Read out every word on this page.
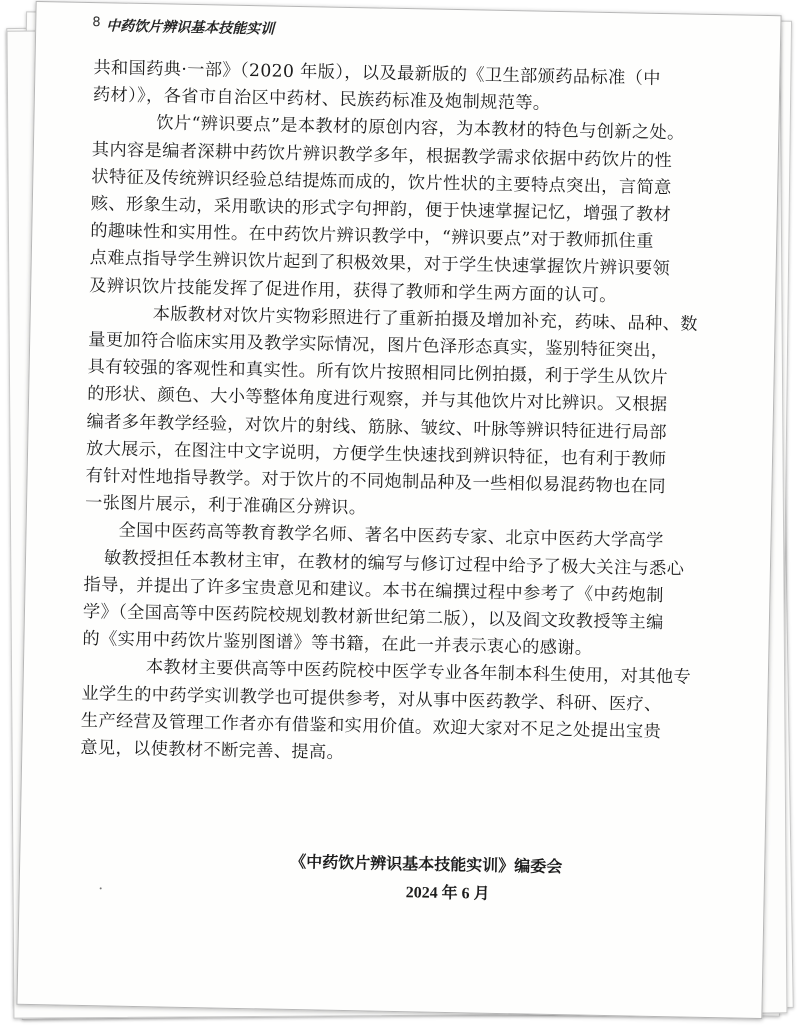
8 中药饮片辨识基本技能实训

共和国药典·一部》（2020 年版），以及最新版的《卫生部颁药品标准（中

药材）》，各省市自治区中药材、民族药标准及炮制规范等。

饮片“辨识要点”是本教材的原创内容，为本教材的特色与创新之处。

其内容是编者深耕中药饮片辨识教学多年，根据教学需求依据中药饮片的性

状特征及传统辨识经验总结提炼而成的，饮片性状的主要特点突出，言简意

赅、形象生动，采用歌诀的形式字句押韵，便于快速掌握记忆，增强了教材

的趣味性和实用性。在中药饮片辨识教学中，“辨识要点”对于教师抓住重

点难点指导学生辨识饮片起到了积极效果，对于学生快速掌握饮片辨识要领

及辨识饮片技能发挥了促进作用，获得了教师和学生两方面的认可。

本版教材对饮片实物彩照进行了重新拍摄及增加补充，药味、品种、数

量更加符合临床实用及教学实际情况，图片色泽形态真实，鉴别特征突出，

具有较强的客观性和真实性。所有饮片按照相同比例拍摄，利于学生从饮片

的形状、颜色、大小等整体角度进行观察，并与其他饮片对比辨识。又根据

编者多年教学经验，对饮片的射线、筋脉、皱纹、叶脉等辨识特征进行局部

放大展示，在图注中文字说明，方便学生快速找到辨识特征，也有利于教师

有针对性地指导教学。对于饮片的不同炮制品种及一些相似易混药物也在同

一张图片展示，利于准确区分辨识。

全国中医药高等教育教学名师、著名中医药专家、北京中医药大学高学

敏教授担任本教材主审，在教材的编写与修订过程中给予了极大关注与悉心

指导，并提出了许多宝贵意见和建议。本书在编撰过程中参考了《中药炮制

学》（全国高等中医药院校规划教材新世纪第二版），以及阎文玫教授等主编

的《实用中药饮片鉴别图谱》等书籍，在此一并表示衷心的感谢。

本教材主要供高等中医药院校中医学专业各年制本科生使用，对其他专

业学生的中药学实训教学也可提供参考，对从事中医药教学、科研、医疗、

生产经营及管理工作者亦有借鉴和实用价值。欢迎大家对不足之处提出宝贵

意见，以使教材不断完善、提高。

《中药饮片辨识基本技能实训》编委会
2024 年 6 月
